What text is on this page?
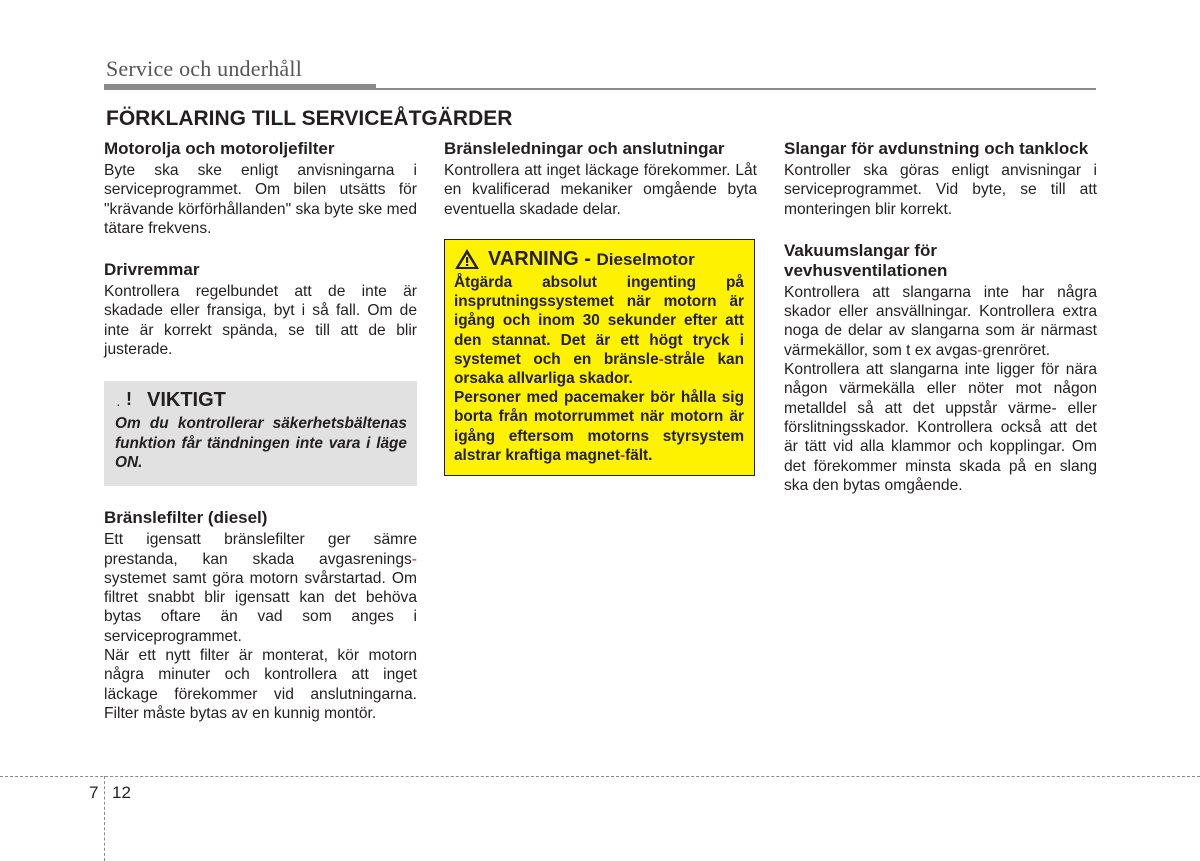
Service och underhåll
FÖRKLARING TILL SERVICEÅTGÄRDER
Motorolja och motoroljefilter

Byte ska ske enligt anvisningarna i serviceprogrammet. Om bilen utsätts för "krävande körförhållanden" ska byte ske med tätare frekvens.

Drivremmar

Kontrollera regelbundet att de inte är skadade eller fransiga, byt i så fall. Om de inte är korrekt spända, se till att de blir justerade.

. ! VIKTIGT
Om du kontrollerar säkerhetsbältenas funktion får tändningen inte vara i läge ON.
Bränslefilter (diesel)

Ett igensatt bränslefilter ger sämre prestanda, kan skada avgasrenings-systemet samt göra motorn svårstartad. Om filtret snabbt blir igensatt kan det behöva bytas oftare än vad som anges i serviceprogrammet.

När ett nytt filter är monterat, kör motorn några minuter och kontrollera att inget läckage förekommer vid anslutningarna. Filter måste bytas av en kunnig montör.

Bränsleledningar och anslutningar

Kontrollera att inget läckage förekommer. Låt en kvalificerad mekaniker omgående byta eventuella skadade delar.

VARNING - Dieselmotor
Åtgärda absolut ingenting på insprutningssystemet när motorn är igång och inom 30 sekunder efter att den stannat. Det är ett högt tryck i systemet och en bränsle-stråle kan orsaka allvarliga skador.
Personer med pacemaker bör hålla sig borta från motorrummet när motorn är igång eftersom motorns styrsystem alstrar kraftiga magnet-fält.
Slangar för avdunstning och tanklock

Kontroller ska göras enligt anvisningar i serviceprogrammet. Vid byte, se till att monteringen blir korrekt.

Vakuumslangar för vevhusventilationen

Kontrollera att slangarna inte har några skador eller ansvällningar. Kontrollera extra noga de delar av slangarna som är närmast värmekällor, som t ex avgas-grenröret.

Kontrollera att slangarna inte ligger för nära någon värmekälla eller nöter mot någon metalldel så att det uppstår värme- eller förslitningsskador. Kontrollera också att det är tätt vid alla klammor och kopplingar. Om det förekommer minsta skada på en slang ska den bytas omgående.

7 12
